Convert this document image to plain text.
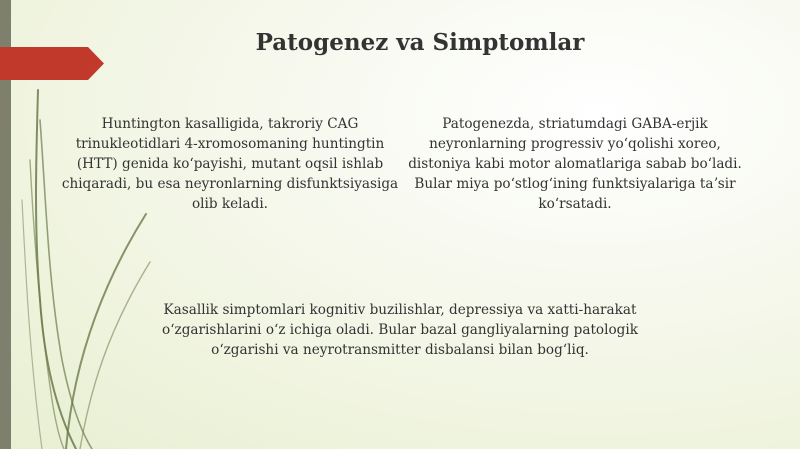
Patogenez va Simptomlar
Huntington kasalligida, takroriy CAG trinukleotidlari 4-xromosomaning huntingtin (HTT) genida koʻpayishi, mutant oqsil ishlab chiqaradi, bu esa neyronlarning disfunktsiyasiga olib keladi.
Patogenezda, striatumdagi GABA-erjik neyronlarning progressiv yoʻqolishi xoreo, distoniya kabi motor alomatlariga sabab boʻladi. Bular miya poʻstlogʻining funktsiyalariga taʼsir koʻrsatadi.
Kasallik simptomlari kognitiv buzilishlar, depressiya va xatti-harakat oʻzgarishlarini oʻz ichiga oladi. Bular bazal gangliyalarning patologik oʻzgarishi va neyrotransmitter disbalansi bilan bogʻliq.
